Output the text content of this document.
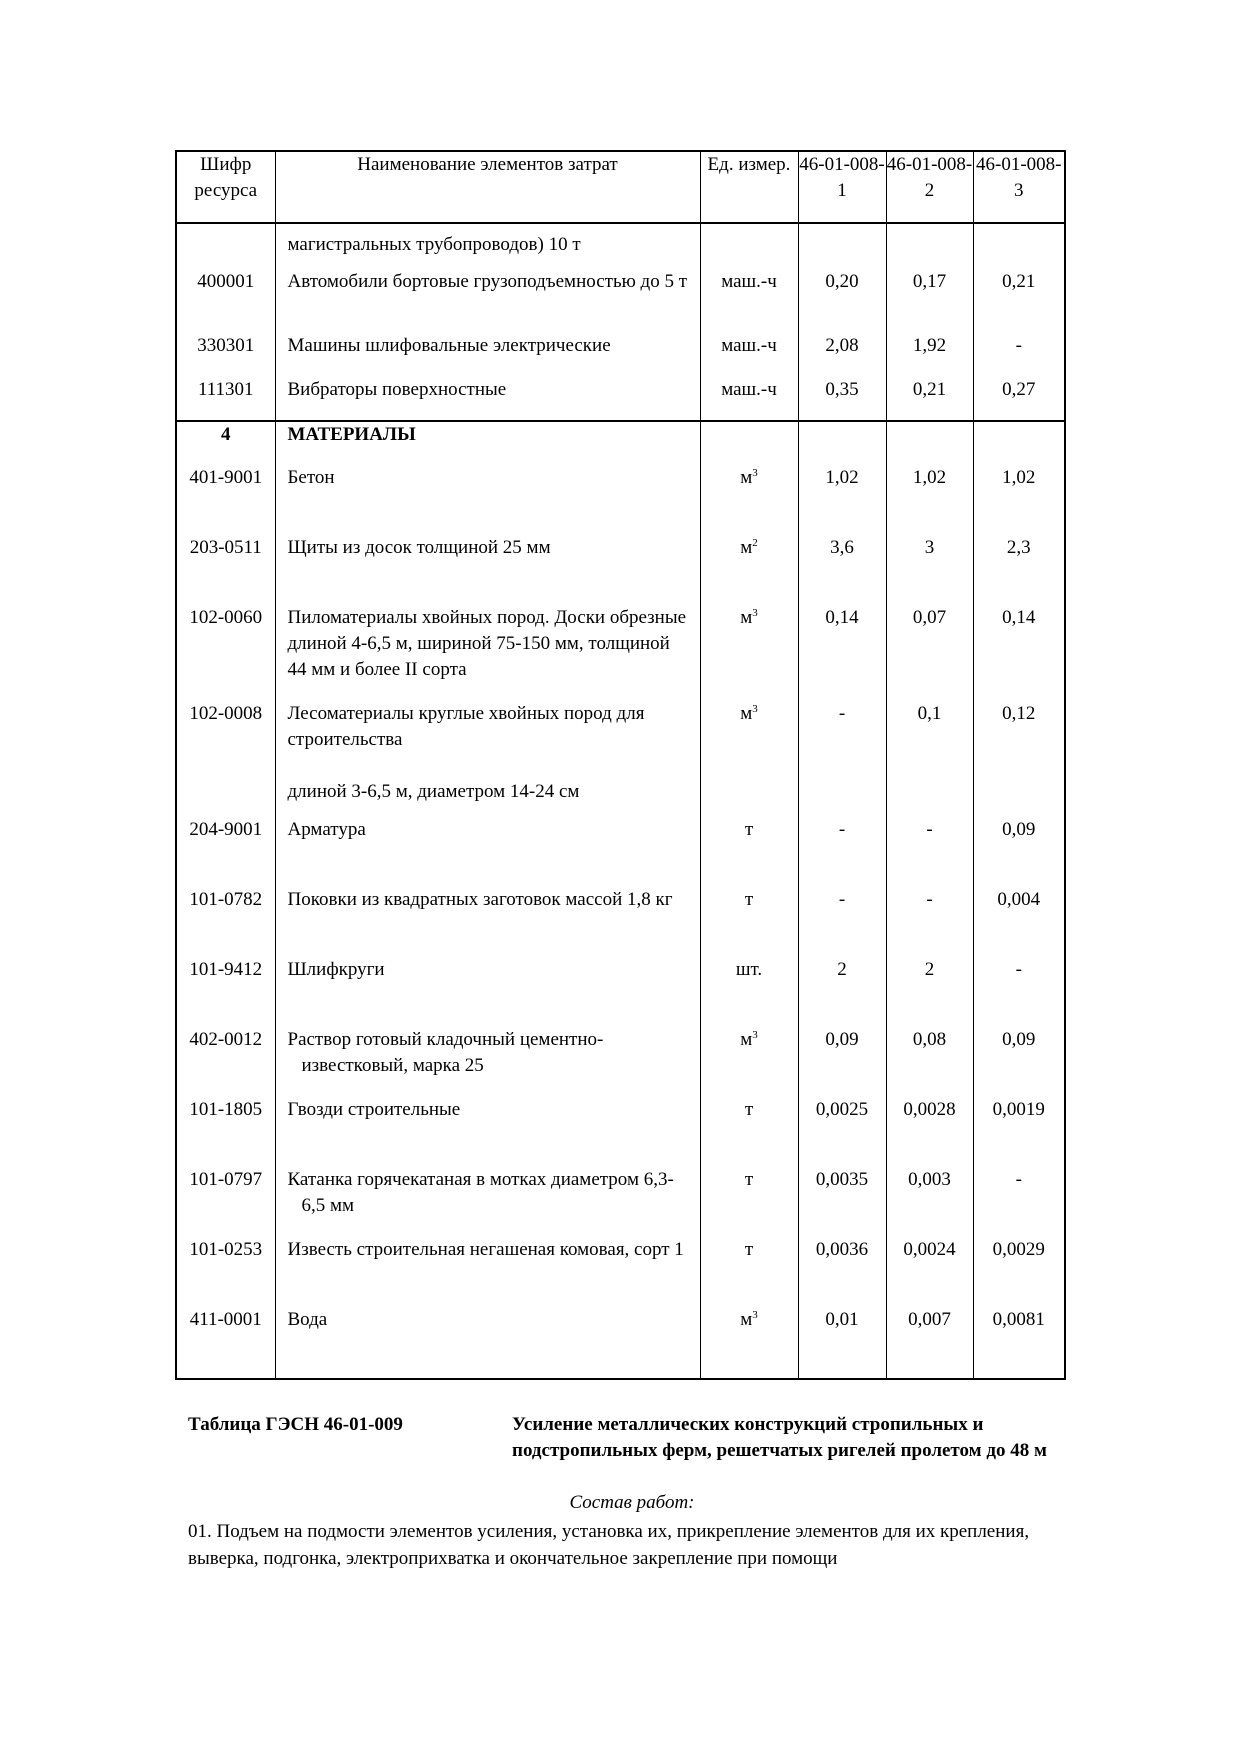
Шифр ресурса	Наименование элементов затрат	Ед. измер.	46-01-008-1	46-01-008-2	46-01-008-3
	магистральных трубопроводов) 10 т				
400001	Автомобили бортовые грузоподъемностью до 5 т	маш.-ч	0,20	0,17	0,21
330301	Машины шлифовальные электрические	маш.-ч	2,08	1,92	-
111301	Вибраторы поверхностные	маш.-ч	0,35	0,21	0,27
4	МАТЕРИАЛЫ				
401-9001	Бетон	$м^3$	1,02	1,02	1,02
203-0511	Щиты из досок толщиной 25 мм	$м^2$	3,6	3	2,3
102-0060	Пиломатериалы хвойных пород. Доски обрезные длиной 4-6,5 м, шириной 75-150 мм, толщиной 44 мм и более II сорта	$м^3$	0,14	0,07	0,14
102-0008	Лесоматериалы круглые хвойных пород для строительства	$м^3$	-	0,1	0,12
	длиной 3-6,5 м, диаметром 14-24 см				
204-9001	Арматура	т	-	-	0,09
101-0782	Поковки из квадратных заготовок массой 1,8 кг	т	-	-	0,004
101-9412	Шлифкруги	шт.	2	2	-
402-0012	Раствор готовый кладочный цементно-известковый, марка 25	$м^3$	0,09	0,08	0,09
101-1805	Гвозди строительные	т	0,0025	0,0028	0,0019
101-0797	Катанка горячекатаная в мотках диаметром 6,3-6,5 мм	т	0,0035	0,003	-
101-0253	Известь строительная негашеная комовая, сорт 1	т	0,0036	0,0024	0,0029
411-0001	Вода	$м^3$	0,01	0,007	0,0081
Таблица ГЭСН 46-01-009	Усиление металлических конструкций стропильных и подстропильных ферм, решетчатых ригелей пролетом до 48 м
Состав работ:
01. Подъем на подмости элементов усиления, установка их, прикрепление элементов для их крепления, выверка, подгонка, электроприхватка и окончательное закрепление при помощи
